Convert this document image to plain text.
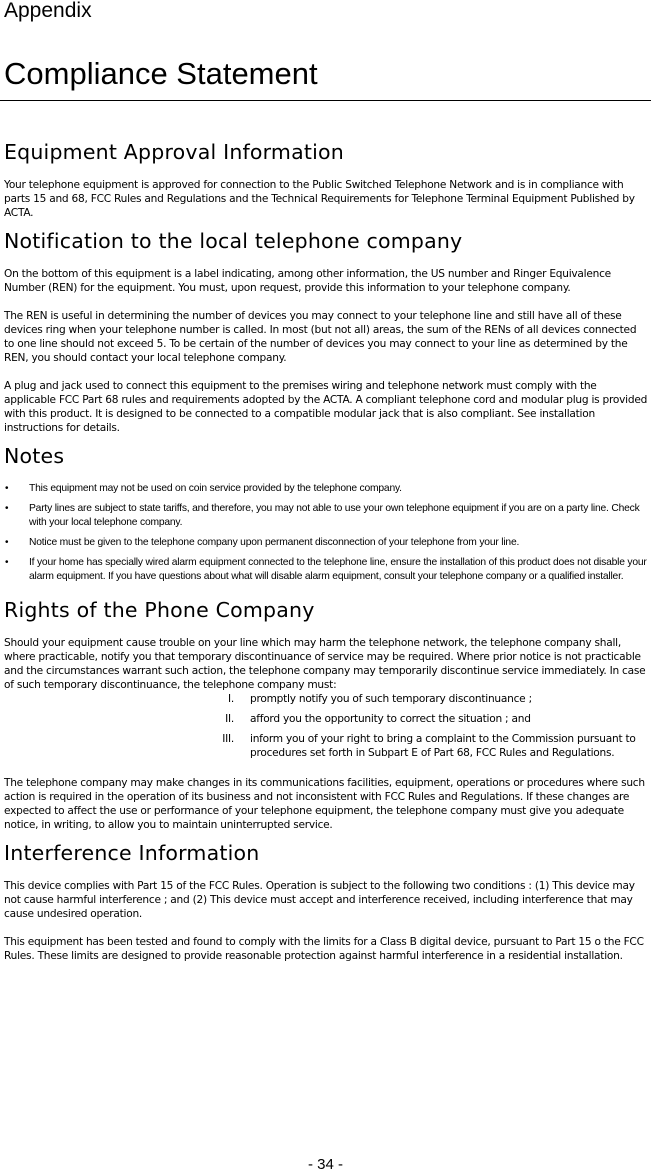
Appendix
Compliance Statement
Equipment Approval Information

Your telephone equipment is approved for connection to the Public Switched Telephone Network and is in compliance with parts 15 and 68, FCC Rules and Regulations and the Technical Requirements for Telephone Terminal Equipment Published by ACTA.

Notification to the local telephone company

On the bottom of this equipment is a label indicating, among other information, the US number and Ringer Equivalence Number (REN) for the equipment. You must, upon request, provide this information to your telephone company.

The REN is useful in determining the number of devices you may connect to your telephone line and still have all of these devices ring when your telephone number is called. In most (but not all) areas, the sum of the RENs of all devices connected to one line should not exceed 5. To be certain of the number of devices you may connect to your line as determined by the REN, you should contact your local telephone company.

A plug and jack used to connect this equipment to the premises wiring and telephone network must comply with the applicable FCC Part 68 rules and requirements adopted by the ACTA. A compliant telephone cord and modular plug is provided with this product. It is designed to be connected to a compatible modular jack that is also compliant. See installation instructions for details.

Notes
• This equipment may not be used on coin service provided by the telephone company.
• Party lines are subject to state tariffs, and therefore, you may not able to use your own telephone equipment if you are on a party line. Check with your local telephone company.
• Notice must be given to the telephone company upon permanent disconnection of your telephone from your line.
• If your home has specially wired alarm equipment connected to the telephone line, ensure the installation of this product does not disable your alarm equipment. If you have questions about what will disable alarm equipment, consult your telephone company or a qualified installer.
Rights of the Phone Company

Should your equipment cause trouble on your line which may harm the telephone network, the telephone company shall, where practicable, notify you that temporary discontinuance of service may be required. Where prior notice is not practicable and the circumstances warrant such action, the telephone company may temporarily discontinue service immediately. In case of such temporary discontinuance, the telephone company must:

I. promptly notify you of such temporary discontinuance ;
II. afford you the opportunity to correct the situation ; and
III. inform you of your right to bring a complaint to the Commission pursuant to procedures set forth in Subpart E of Part 68, FCC Rules and Regulations.

The telephone company may make changes in its communications facilities, equipment, operations or procedures where such action is required in the operation of its business and not inconsistent with FCC Rules and Regulations. If these changes are expected to affect the use or performance of your telephone equipment, the telephone company must give you adequate notice, in writing, to allow you to maintain uninterrupted service.

Interference Information

This device complies with Part 15 of the FCC Rules. Operation is subject to the following two conditions : (1) This device may not cause harmful interference ; and (2) This device must accept and interference received, including interference that may cause undesired operation.

This equipment has been tested and found to comply with the limits for a Class B digital device, pursuant to Part 15 o the FCC Rules. These limits are designed to provide reasonable protection against harmful interference in a residential installation.

- 34 -
